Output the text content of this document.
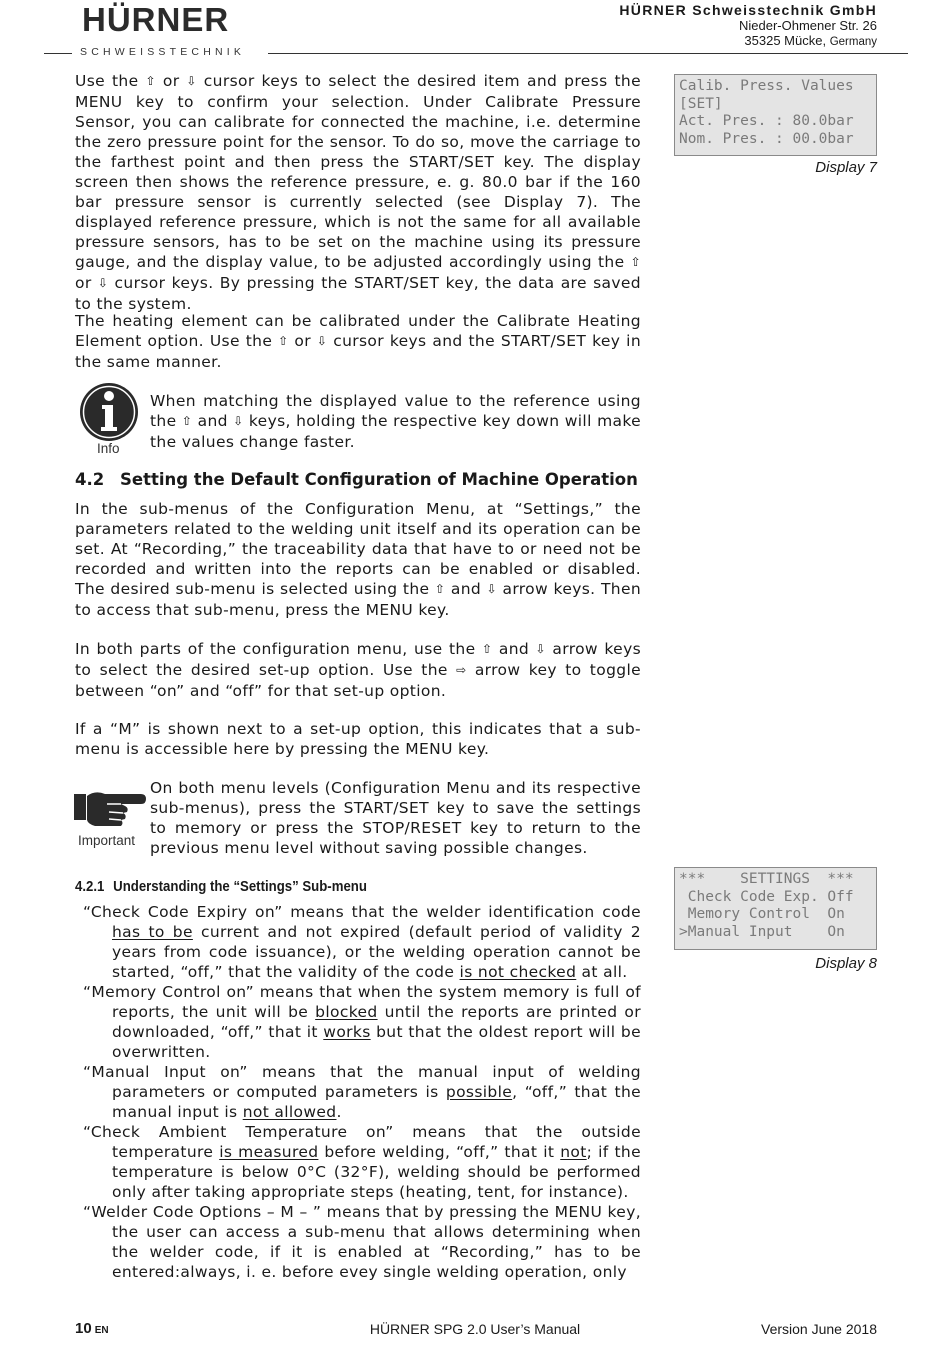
HÜRNER
SCHWEISSTECHNIK
HÜRNER Schweisstechnik GmbH
Nieder-Ohmener Str. 26
35325 Mücke, Germany

Use the ⇧ or ⇩ cursor keys to select the desired item and press the MENU key to confirm your selection. Under Calibrate Pressure Sensor, you can calibrate for connected the machine, i.e. determine the zero pressure point for the sensor. To do so, move the carriage to the farthest point and then press the START/SET key. The display screen then shows the reference pressure, e. g. 80.0 bar if the 160 bar pressure sensor is currently selected (see Display 7). The displayed reference pressure, which is not the same for all available pressure sensors, has to be set on the machine using its pressure gauge, and the display value, to be adjusted accordingly using the ⇧ or ⇩ cursor keys. By pressing the START/SET key, the data are saved to the system.

Calib. Press. Values
[SET]
Act. Pres. : 80.0bar
Nom. Pres. : 00.0bar
Display 7

The heating element can be calibrated under the Calibrate Heating Element option. Use the ⇧ or ⇩ cursor keys and the START/SET key in the same manner.

Info
When matching the displayed value to the reference using the ⇧ and ⇩ keys, holding the respective key down will make the values change faster.
4.2 Setting the Default Configuration of Machine Operation

In the sub-menus of the Configuration Menu, at “Settings,” the parameters related to the welding unit itself and its operation can be set. At “Recording,” the traceability data that have to or need not be recorded and written into the reports can be enabled or disabled. The desired sub-menu is selected using the ⇧ and ⇩ arrow keys. Then to access that sub-menu, press the MENU key.

In both parts of the configuration menu, use the ⇧ and ⇩ arrow keys to select the desired set-up option. Use the ⇨ arrow key to toggle between “on” and “off” for that set-up option.

If a “M” is shown next to a set-up option, this indicates that a sub-menu is accessible here by pressing the MENU key.

Important
On both menu levels (Configuration Menu and its respective sub-menus), press the START/SET key to save the settings to memory or press the STOP/RESET key to return to the previous menu level without saving possible changes.
4.2.1 Understanding the “Settings” Sub-menu	***    SETTINGS  ***
Check Code Exp. Off
Memory Control  On
>Manual Input    On
Display 8

“Check Code Expiry on” means that the welder identification code has to be current and not expired (default period of validity 2 years from code issuance), or the welding operation cannot be started, “off,” that the validity of the code is not checked at all.

“Memory Control on” means that when the system memory is full of reports, the unit will be blocked until the reports are printed or downloaded, “off,” that it works but that the oldest report will be overwritten.

“Manual Input on” means that the manual input of welding parameters or computed parameters is possible, “off,” that the manual input is not allowed.

“Check Ambient Temperature on” means that the outside temperature is measured before welding, “off,” that it not; if the temperature is below 0°C (32°F), welding should be performed only after taking appropriate steps (heating, tent, for instance).

“Welder Code Options – M – ” means that by pressing the MENU key, the user can access a sub-menu that allows determining when the welder code, if it is enabled at “Recording,” has to be entered:always, i. e. before evey single welding operation, only

10 EN	HÜRNER SPG 2.0 User’s Manual	Version June 2018
